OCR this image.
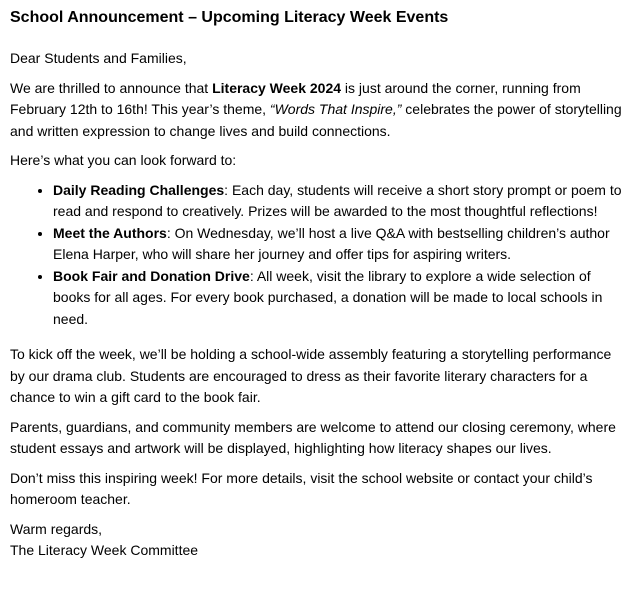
School Announcement – Upcoming Literacy Week Events

Dear Students and Families,

We are thrilled to announce that Literacy Week 2024 is just around the corner, running from February 12th to 16th! This year’s theme, “Words That Inspire,” celebrates the power of storytelling and written expression to change lives and build connections.

Here’s what you can look forward to:

• Daily Reading Challenges: Each day, students will receive a short story prompt or poem to read and respond to creatively. Prizes will be awarded to the most thoughtful reflections!
• Meet the Authors: On Wednesday, we’ll host a live Q&A with bestselling children’s author Elena Harper, who will share her journey and offer tips for aspiring writers.
• Book Fair and Donation Drive: All week, visit the library to explore a wide selection of books for all ages. For every book purchased, a donation will be made to local schools in need.

To kick off the week, we’ll be holding a school-wide assembly featuring a storytelling performance by our drama club. Students are encouraged to dress as their favorite literary characters for a chance to win a gift card to the book fair.

Parents, guardians, and community members are welcome to attend our closing ceremony, where student essays and artwork will be displayed, highlighting how literacy shapes our lives.

Don’t miss this inspiring week! For more details, visit the school website or contact your child’s homeroom teacher.

Warm regards,
The Literacy Week Committee
